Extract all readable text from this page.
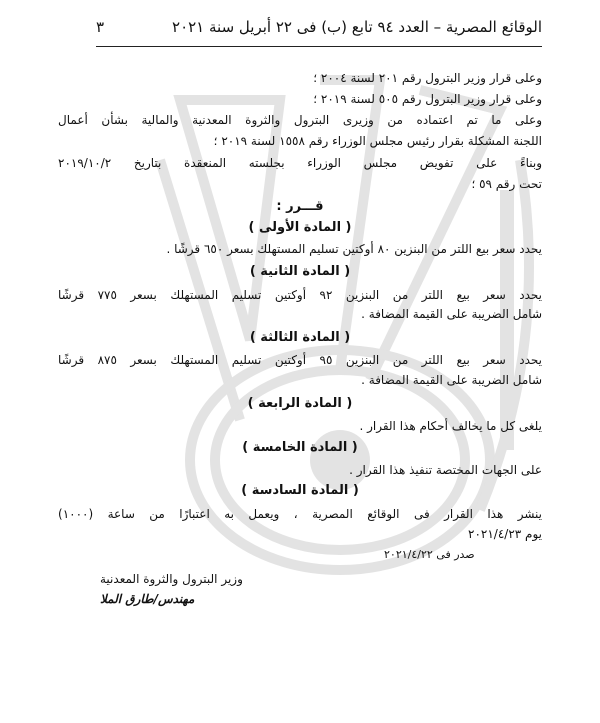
الوقائع المصرية – العدد ٩٤ تابع (ب) فى ٢٢ أبريل سنة ٢٠٢١
٣
وعلى قرار وزير البترول رقم ٢٠١ لسنة ٢٠٠٤ ؛
وعلى قرار وزير البترول رقم ٥٠٥ لسنة ٢٠١٩ ؛
وعلى ما تم اعتماده من وزيرى البترول والثروة المعدنية والمالية بشأن أعمال
اللجنة المشكلة بقرار رئيس مجلس الوزراء رقم ١٥٥٨ لسنة ٢٠١٩ ؛
وبناءً على تفويض مجلس الوزراء بجلسته المنعقدة بتاريخ ٢٠١٩/١٠/٢
تحت رقم ٥٩ ؛
قـــرر :
( المادة الأولى )
يحدد سعر بيع اللتر من البنزين ٨٠ أوكتين تسليم المستهلك بسعر ٦٥٠ قرشًا .
( المادة الثانية )
يحدد سعر بيع اللتر من البنزين ٩٢ أوكتين تسليم المستهلك بسعر ٧٧٥ قرشًا
شامل الضريبة على القيمة المضافة .
( المادة الثالثة )
يحدد سعر بيع اللتر من البنزين ٩٥ أوكتين تسليم المستهلك بسعر ٨٧٥ قرشًا
شامل الضريبة على القيمة المضافة .
( المادة الرابعة )
يلغى كل ما يخالف أحكام هذا القرار .
( المادة الخامسة )
على الجهات المختصة تنفيذ هذا القرار .
( المادة السادسة )
ينشر هذا القرار فى الوقائع المصرية ، ويعمل به اعتبارًا من ساعة (١٠٠٠)
يوم ٢٠٢١/٤/٢٣
صدر فى ٢٠٢١/٤/٢٢
وزير البترول والثروة المعدنية
مهندس/طارق الملا
